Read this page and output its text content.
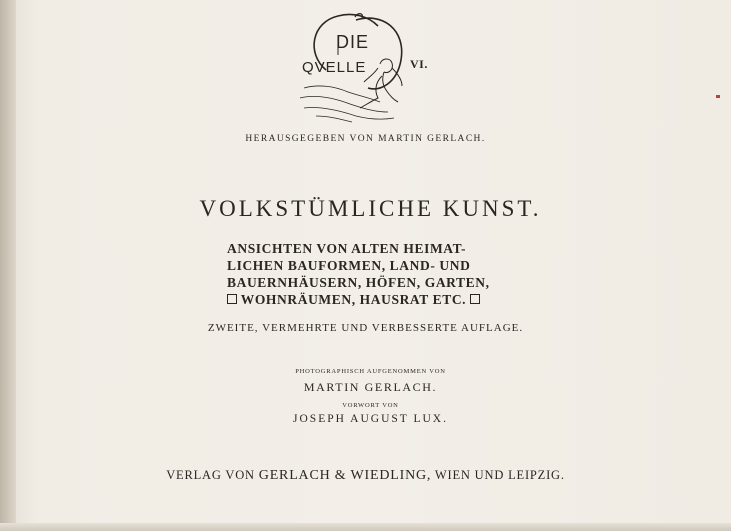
DIE
QVELLE	VI.
HERAUSGEGEBEN VON MARTIN GERLACH.
VOLKSTÜMLICHE KUNST.
ANSICHTEN VON ALTEN HEIMAT-
LICHEN BAUFORMEN, LAND- UND
BAUERNHÄUSERN, HÖFEN, GARTEN,
WOHNRÄUMEN, HAUSRAT ETC.
ZWEITE, VERMEHRTE UND VERBESSERTE AUFLAGE.
PHOTOGRAPHISCH AUFGENOMMEN VON
MARTIN GERLACH.
VORWORT VON
JOSEPH AUGUST LUX.
VERLAG VON GERLACH & WIEDLING, WIEN UND LEIPZIG.
